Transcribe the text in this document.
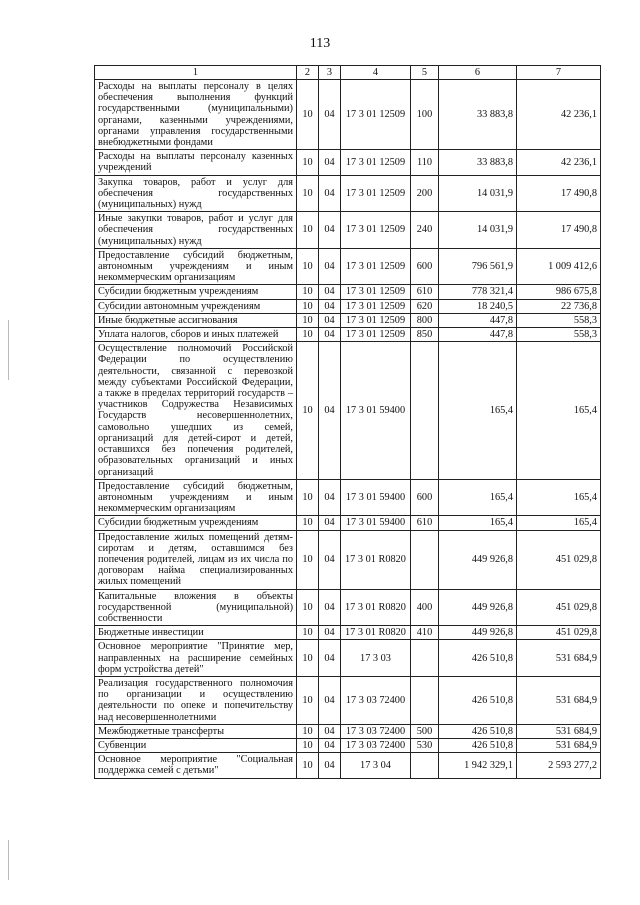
113
1	2	3	4	5	6	7
Расходы на выплаты персоналу в целях обеспечения выполнения функций государственными (муниципальными) органами, казенными учреждениями, органами управления государственными внебюджетными фондами	10	04	17 3 01 12509	100	33 883,8	42 236,1
Расходы на выплаты персоналу казенных учреждений	10	04	17 3 01 12509	110	33 883,8	42 236,1
Закупка товаров, работ и услуг для обеспечения государственных (муниципальных) нужд	10	04	17 3 01 12509	200	14 031,9	17 490,8
Иные закупки товаров, работ и услуг для обеспечения государственных (муниципальных) нужд	10	04	17 3 01 12509	240	14 031,9	17 490,8
Предоставление субсидий бюджетным, автономным учреждениям и иным некоммерческим организациям	10	04	17 3 01 12509	600	796 561,9	1 009 412,6
Субсидии бюджетным учреждениям	10	04	17 3 01 12509	610	778 321,4	986 675,8
Субсидии автономным учреждениям	10	04	17 3 01 12509	620	18 240,5	22 736,8
Иные бюджетные ассигнования	10	04	17 3 01 12509	800	447,8	558,3
Уплата налогов, сборов и иных платежей	10	04	17 3 01 12509	850	447,8	558,3
Осуществление полномочий Российской Федерации по осуществлению деятельности, связанной с перевозкой между субъектами Российской Федерации, а также в пределах территорий государств – участников Содружества Независимых Государств несовершеннолетних, самовольно ушедших из семей, организаций для детей-сирот и детей, оставшихся без попечения родителей, образовательных организаций и иных организаций	10	04	17 3 01 59400		165,4	165,4
Предоставление субсидий бюджетным, автономным учреждениям и иным некоммерческим организациям	10	04	17 3 01 59400	600	165,4	165,4
Субсидии бюджетным учреждениям	10	04	17 3 01 59400	610	165,4	165,4
Предоставление жилых помещений детям-сиротам и детям, оставшимся без попечения родителей, лицам из их числа по договорам найма специализированных жилых помещений	10	04	17 3 01 R0820		449 926,8	451 029,8
Капитальные вложения в объекты государственной (муниципальной) собственности	10	04	17 3 01 R0820	400	449 926,8	451 029,8
Бюджетные инвестиции	10	04	17 3 01 R0820	410	449 926,8	451 029,8
Основное мероприятие "Принятие мер, направленных на расширение семейных форм устройства детей"	10	04	17 3 03		426 510,8	531 684,9
Реализация государственного полномочия по организации и осуществлению деятельности по опеке и попечительству над несовершеннолетними	10	04	17 3 03 72400		426 510,8	531 684,9
Межбюджетные трансферты	10	04	17 3 03 72400	500	426 510,8	531 684,9
Субвенции	10	04	17 3 03 72400	530	426 510,8	531 684,9
Основное мероприятие "Социальная поддержка семей с детьми"	10	04	17 3 04		1 942 329,1	2 593 277,2
